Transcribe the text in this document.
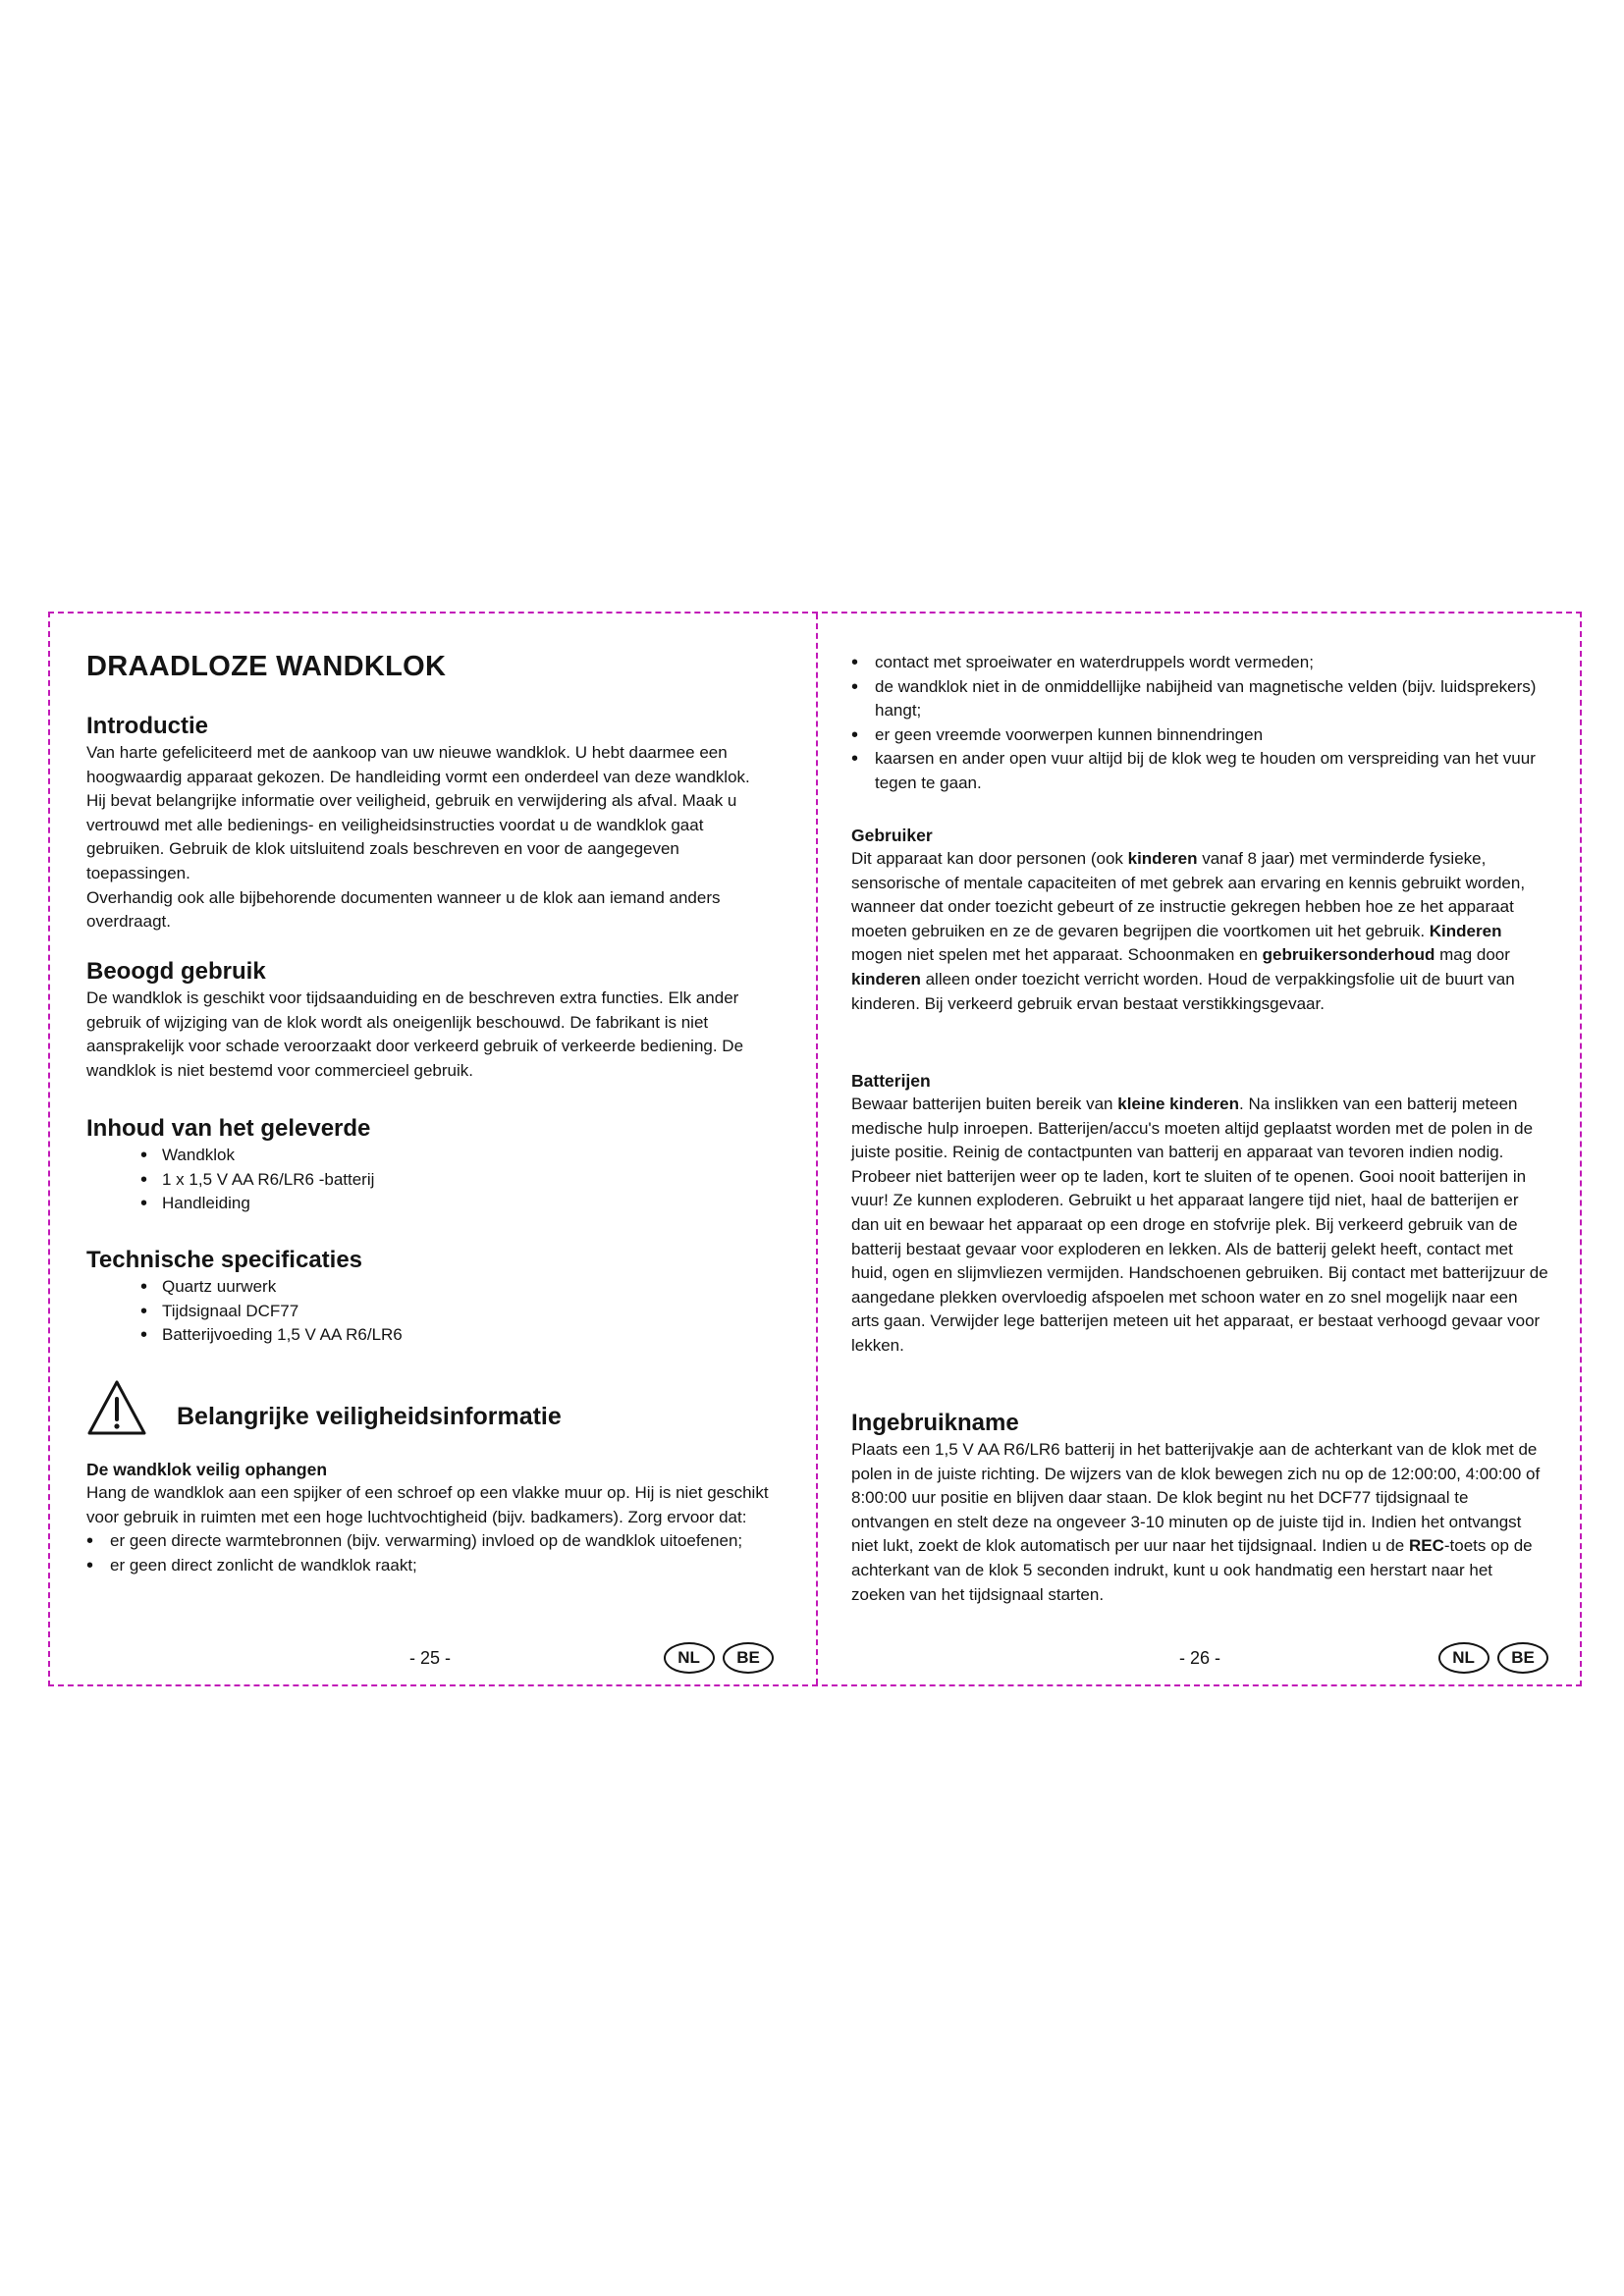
DRAADLOZE WANDKLOK
Introductie

Van harte gefeliciteerd met de aankoop van uw nieuwe wandklok. U hebt daarmee een hoogwaardig apparaat gekozen. De handleiding vormt een onderdeel van deze wandklok. Hij bevat belangrijke informatie over veiligheid, gebruik en verwijdering als afval. Maak u vertrouwd met alle bedienings- en veiligheidsinstructies voordat u de wandklok gaat gebruiken. Gebruik de klok uitsluitend zoals beschreven en voor de aangegeven toepassingen.

Overhandig ook alle bijbehorende documenten wanneer u de klok aan iemand anders overdraagt.

Beoogd gebruik

De wandklok is geschikt voor tijdsaanduiding en de beschreven extra functies. Elk ander gebruik of wijziging van de klok wordt als oneigenlijk beschouwd. De fabrikant is niet aansprakelijk voor schade veroorzaakt door verkeerd gebruik of verkeerde bediening. De wandklok is niet bestemd voor commercieel gebruik.

Inhoud van het geleverde
• Wandklok
• 1 x 1,5 V AA R6/LR6 -batterij
• Handleiding
Technische specificaties
• Quartz uurwerk
• Tijdsignaal DCF77
• Batterijvoeding 1,5 V AA R6/LR6
Belangrijke veiligheidsinformatie
De wandklok veilig ophangen

Hang de wandklok aan een spijker of een schroef op een vlakke muur op. Hij is niet geschikt voor gebruik in ruimten met een hoge luchtvochtigheid (bijv. badkamers). Zorg ervoor dat:

• er geen directe warmtebronnen (bijv. verwarming) invloed op de wandklok uitoefenen;
• er geen direct zonlicht de wandklok raakt;
- 25 -	NL BE
• contact met sproeiwater en waterdruppels wordt vermeden;
• de wandklok niet in de onmiddellijke nabijheid van magnetische velden (bijv. luidsprekers) hangt;
• er geen vreemde voorwerpen kunnen binnendringen
• kaarsen en ander open vuur altijd bij de klok weg te houden om verspreiding van het vuur tegen te gaan.
Gebruiker

Dit apparaat kan door personen (ook kinderen vanaf 8 jaar) met verminderde fysieke, sensorische of mentale capaciteiten of met gebrek aan ervaring en kennis gebruikt worden, wanneer dat onder toezicht gebeurt of ze instructie gekregen hebben hoe ze het apparaat moeten gebruiken en ze de gevaren begrijpen die voortkomen uit het gebruik. Kinderen mogen niet spelen met het apparaat. Schoonmaken en gebruikersonderhoud mag door kinderen alleen onder toezicht verricht worden. Houd de verpakkingsfolie uit de buurt van kinderen. Bij verkeerd gebruik ervan bestaat verstikkingsgevaar.

Batterijen

Bewaar batterijen buiten bereik van kleine kinderen. Na inslikken van een batterij meteen medische hulp inroepen. Batterijen/accu's moeten altijd geplaatst worden met de polen in de juiste positie. Reinig de contactpunten van batterij en apparaat van tevoren indien nodig. Probeer niet batterijen weer op te laden, kort te sluiten of te openen. Gooi nooit batterijen in vuur! Ze kunnen exploderen. Gebruikt u het apparaat langere tijd niet, haal de batterijen er dan uit en bewaar het apparaat op een droge en stofvrije plek. Bij verkeerd gebruik van de batterij bestaat gevaar voor exploderen en lekken. Als de batterij gelekt heeft, contact met huid, ogen en slijmvliezen vermijden. Handschoenen gebruiken. Bij contact met batterijzuur de aangedane plekken overvloedig afspoelen met schoon water en zo snel mogelijk naar een arts gaan. Verwijder lege batterijen meteen uit het apparaat, er bestaat verhoogd gevaar voor lekken.

Ingebruikname

Plaats een 1,5 V AA R6/LR6 batterij in het batterijvakje aan de achterkant van de klok met de polen in de juiste richting. De wijzers van de klok bewegen zich nu op de 12:00:00, 4:00:00 of 8:00:00 uur positie en blijven daar staan. De klok begint nu het DCF77 tijdsignaal te ontvangen en stelt deze na ongeveer 3-10 minuten op de juiste tijd in. Indien het ontvangst niet lukt, zoekt de klok automatisch per uur naar het tijdsignaal. Indien u de REC-toets op de achterkant van de klok 5 seconden indrukt, kunt u ook handmatig een herstart naar het zoeken van het tijdsignaal starten.

- 26 -	NL BE
